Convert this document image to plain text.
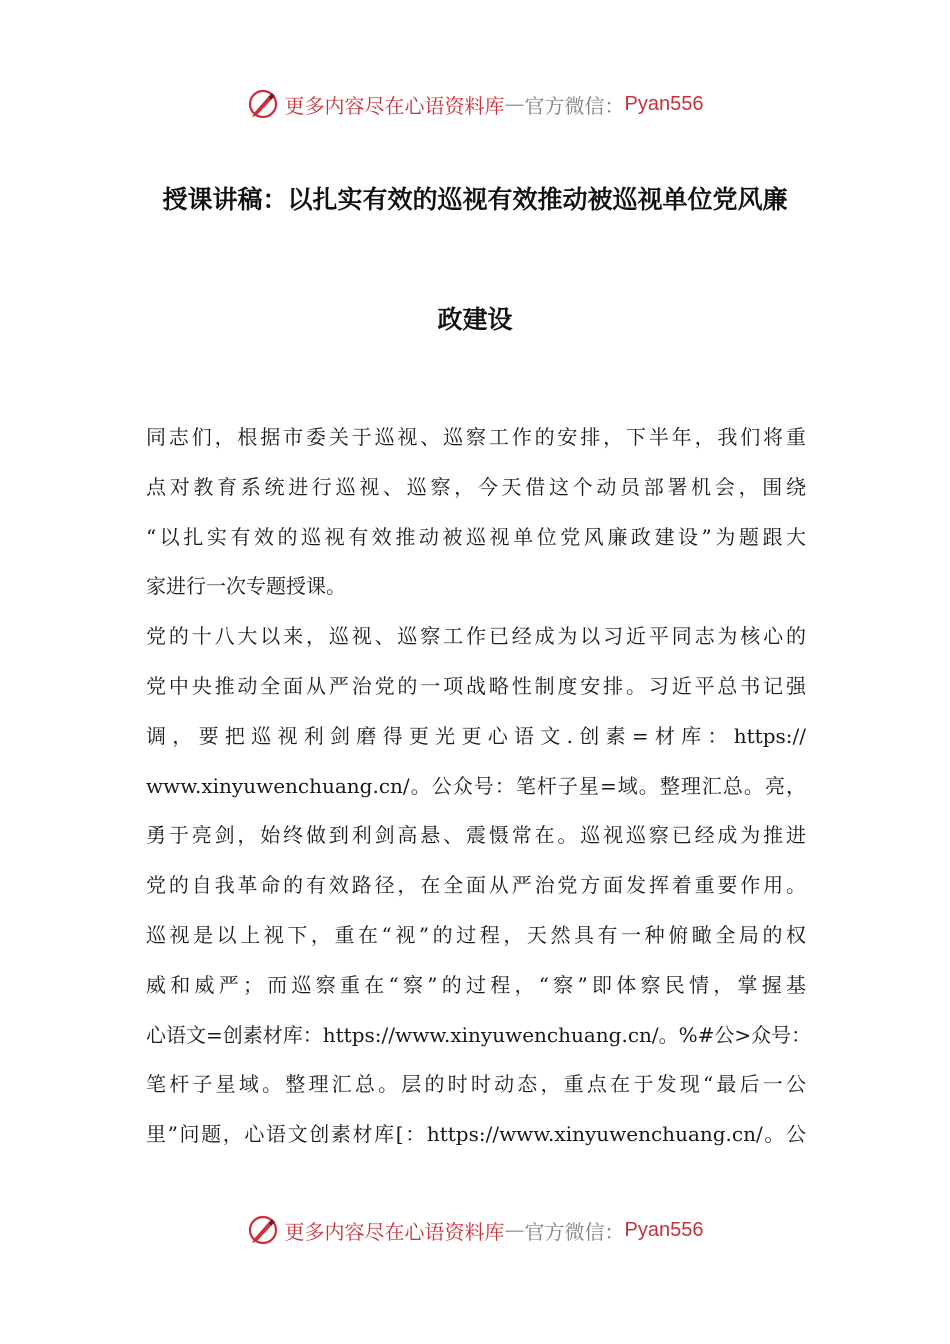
更多内容尽在心语资料库 — 官方微信： Pyan556
授课讲稿：以扎实有效的巡视有效推动被巡视单位党风廉
政建设
同志们，根据市委关于巡视、巡察工作的安排，下半年，我们将重
点对教育系统进行巡视、巡察，今天借这个动员部署机会，围绕
“以扎实有效的巡视有效推动被巡视单位党风廉政建设”为题跟大
家进行一次专题授课。
党的十八大以来，巡视、巡察工作已经成为以习近平同志为核心的
党中央推动全面从严治党的一项战略性制度安排。习近平总书记强
调，要把巡视利剑磨得更光更心语文.创素=材库：https://
www.xinyuwenchuang.cn/。公众号：笔杆子星=域。整理汇总。亮，
勇于亮剑，始终做到利剑高悬、震慑常在。巡视巡察已经成为推进
党的自我革命的有效路径，在全面从严治党方面发挥着重要作用。
巡视是以上视下，重在“视”的过程，天然具有一种俯瞰全局的权
威和威严；而巡察重在“察”的过程，“察”即体察民情，掌握基
心语文=创素材库：https://www.xinyuwenchuang.cn/。%#公>众号：
笔杆子星域。整理汇总。层的时时动态，重点在于发现“最后一公
里”问题，心语文创素材库[：https://www.xinyuwenchuang.cn/。公
更多内容尽在心语资料库 — 官方微信： Pyan556
